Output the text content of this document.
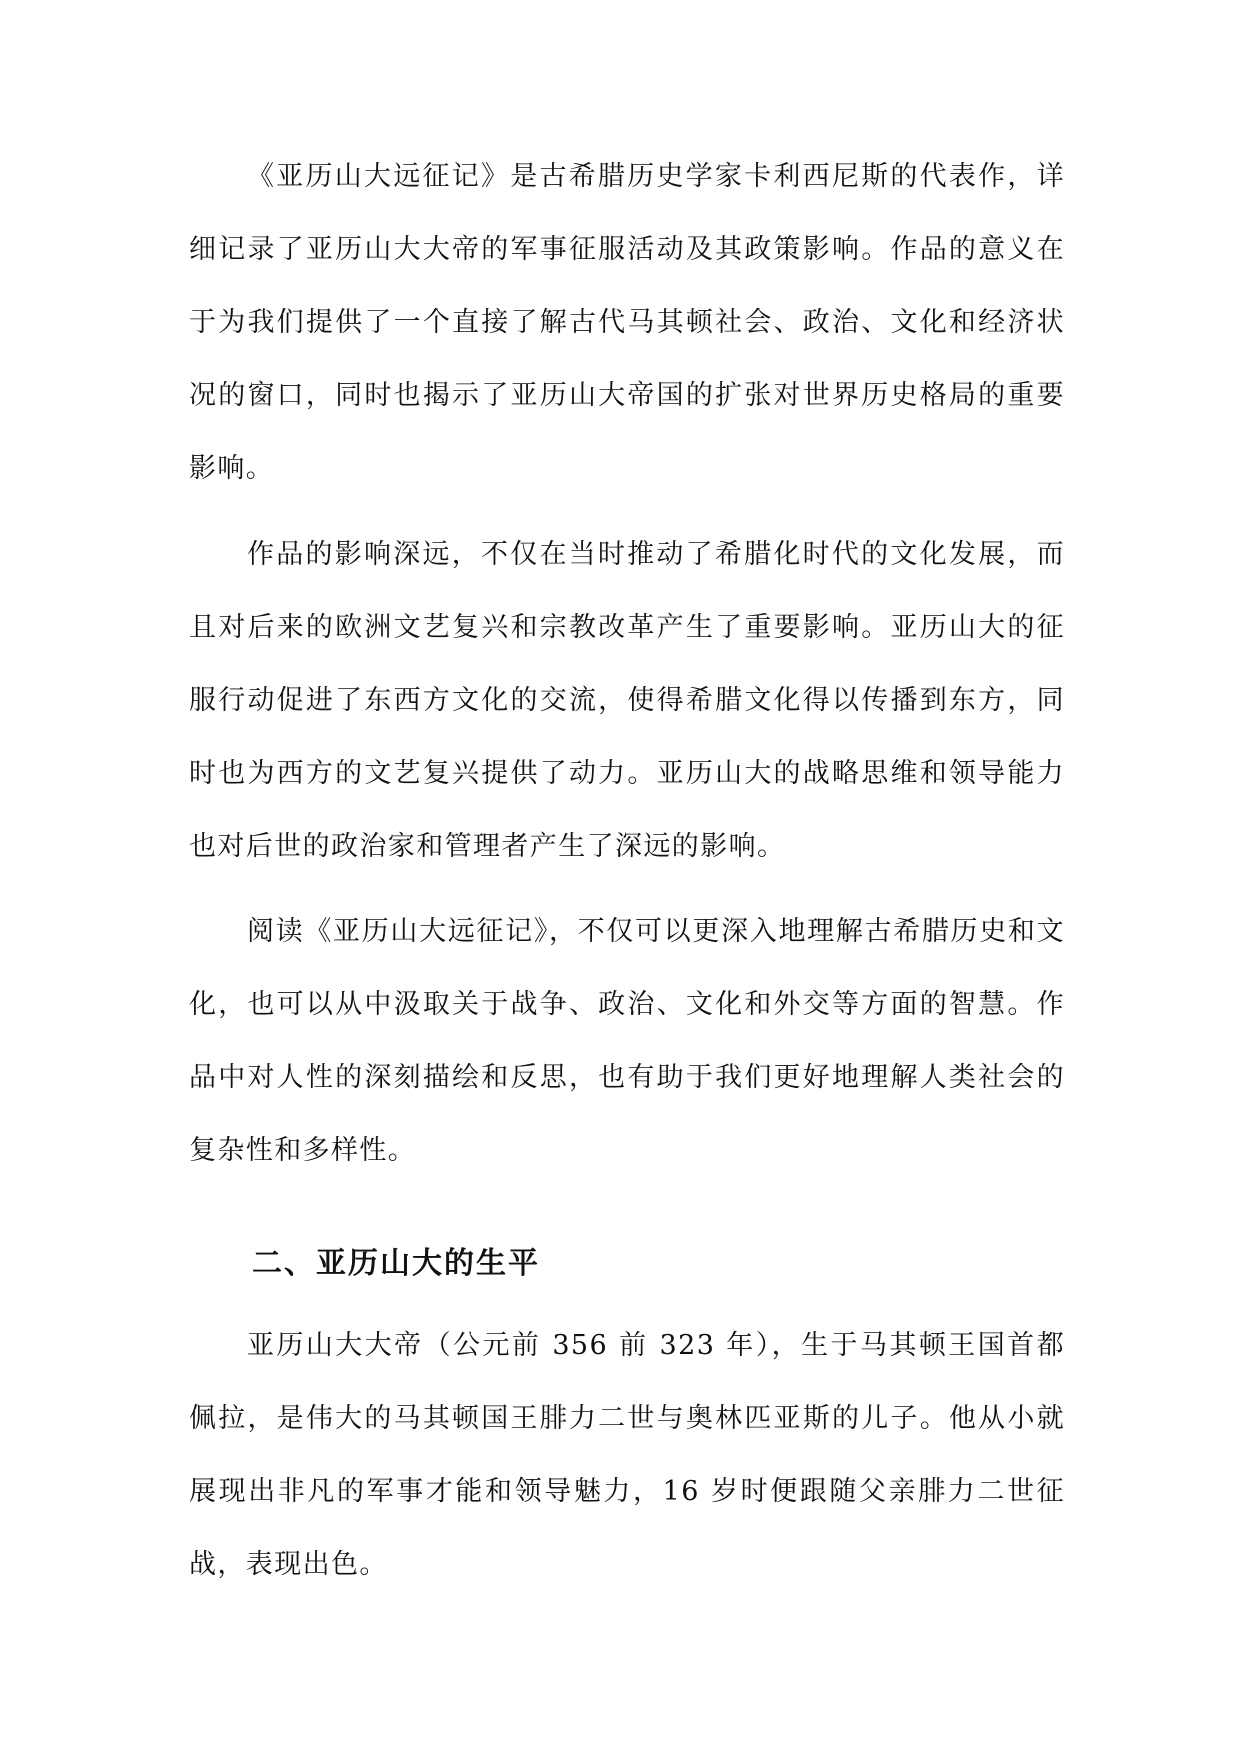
《亚历山大远征记》是古希腊历史学家卡利西尼斯的代表作，详细记录了亚历山大大帝的军事征服活动及其政策影响。作品的意义在于为我们提供了一个直接了解古代马其顿社会、政治、文化和经济状况的窗口，同时也揭示了亚历山大帝国的扩张对世界历史格局的重要影响。

作品的影响深远，不仅在当时推动了希腊化时代的文化发展，而且对后来的欧洲文艺复兴和宗教改革产生了重要影响。亚历山大的征服行动促进了东西方文化的交流，使得希腊文化得以传播到东方，同时也为西方的文艺复兴提供了动力。亚历山大的战略思维和领导能力也对后世的政治家和管理者产生了深远的影响。

阅读《亚历山大远征记》，不仅可以更深入地理解古希腊历史和文化，也可以从中汲取关于战争、政治、文化和外交等方面的智慧。作品中对人性的深刻描绘和反思，也有助于我们更好地理解人类社会的复杂性和多样性。

二、亚历山大的生平

亚历山大大帝（公元前 356 前 323 年），生于马其顿王国首都佩拉，是伟大的马其顿国王腓力二世与奥林匹亚斯的儿子。他从小就展现出非凡的军事才能和领导魅力，16 岁时便跟随父亲腓力二世征战，表现出色。
